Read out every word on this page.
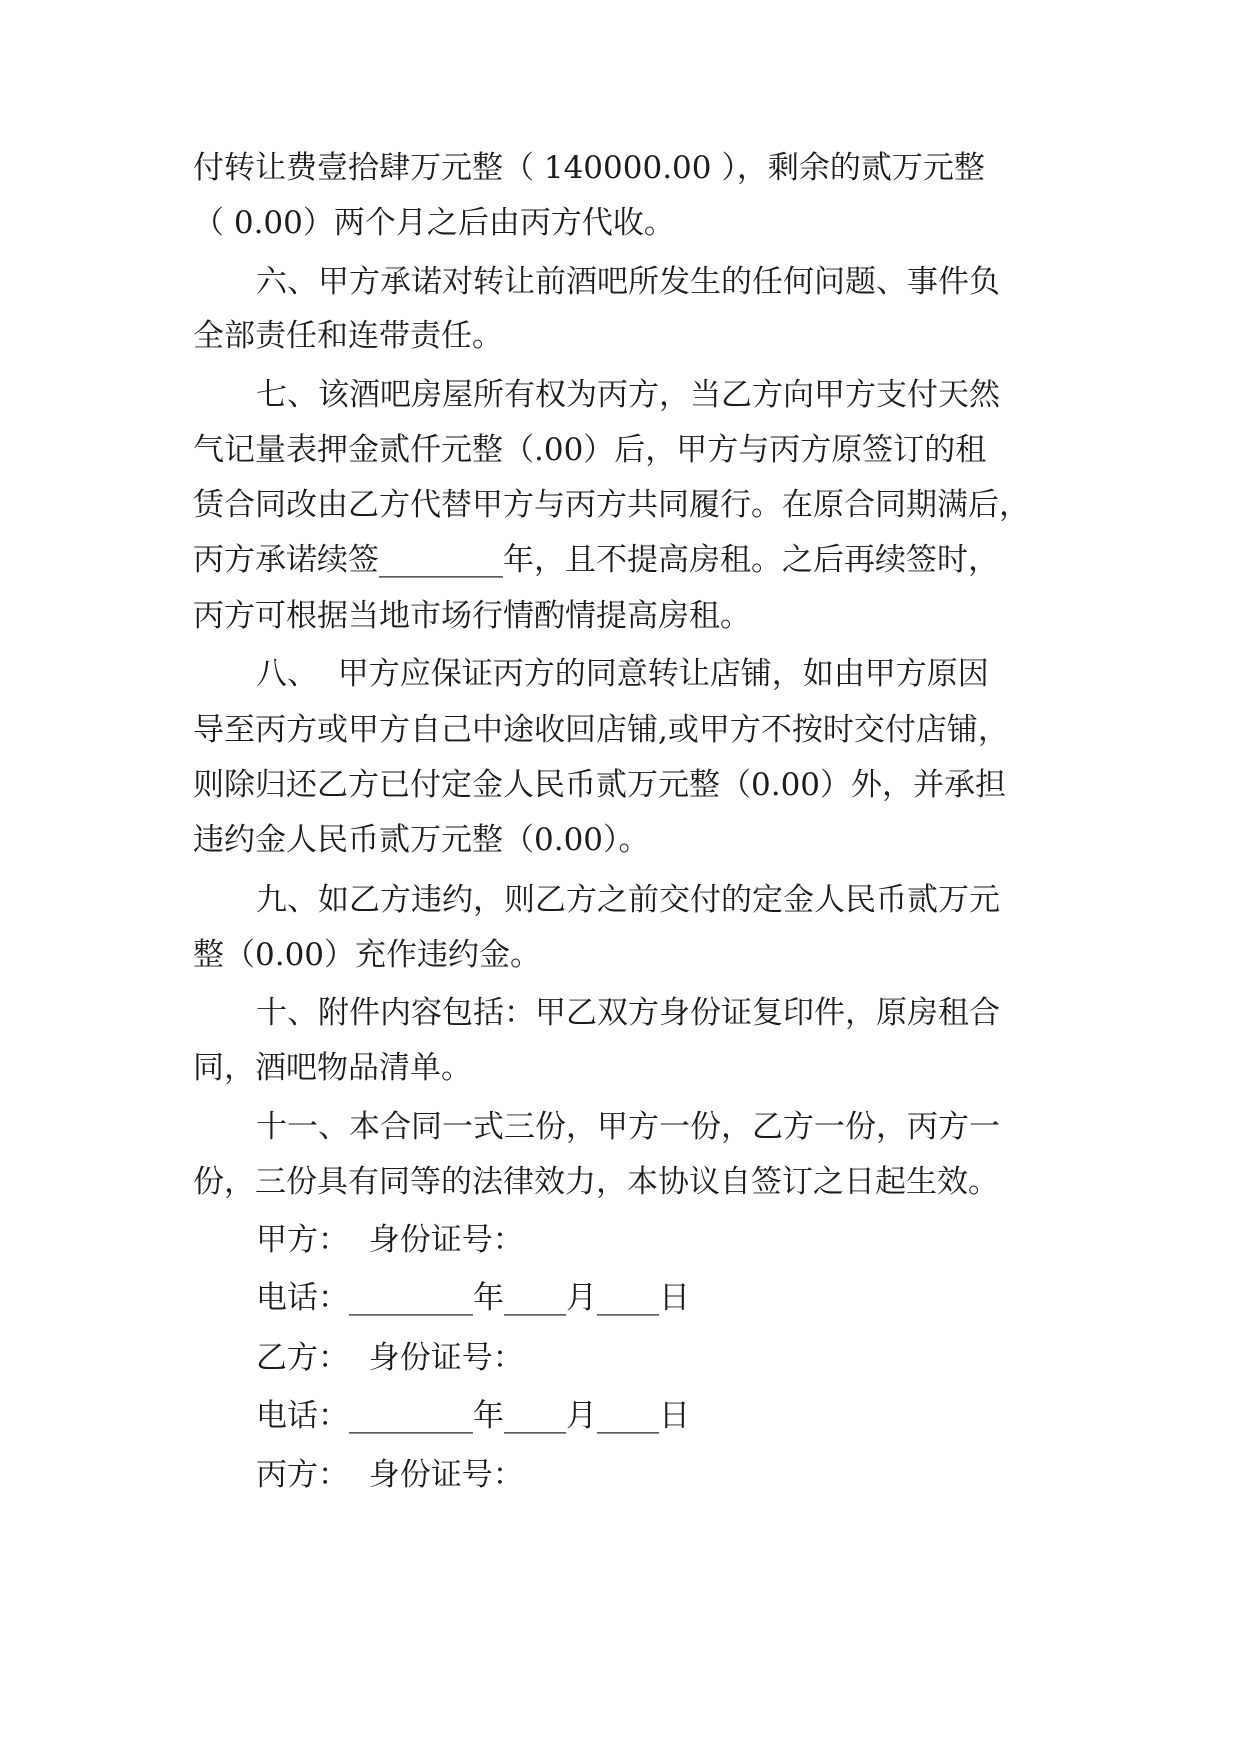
付转让费壹拾肆万元整（ 140000.00 ），剩余的贰万元整
（ 0.00）两个月之后由丙方代收。
六、甲方承诺对转让前酒吧所发生的任何问题、事件负
全部责任和连带责任。
七、该酒吧房屋所有权为丙方，当乙方向甲方支付天然
气记量表押金贰仟元整（.00）后，甲方与丙方原签订的租
赁合同改由乙方代替甲方与丙方共同履行。在原合同期满后，
丙方承诺续签________年，且不提高房租。之后再续签时，
丙方可根据当地市场行情酌情提高房租。
八、  甲方应保证丙方的同意转让店铺，如由甲方原因
导至丙方或甲方自己中途收回店铺,或甲方不按时交付店铺，
则除归还乙方已付定金人民币贰万元整（0.00）外，并承担
违约金人民币贰万元整（0.00）。
九、如乙方违约，则乙方之前交付的定金人民币贰万元
整（0.00）充作违约金。
十、附件内容包括：甲乙双方身份证复印件，原房租合
同，酒吧物品清单。
十一、本合同一式三份，甲方一份，乙方一份，丙方一
份，三份具有同等的法律效力，本协议自签订之日起生效。
甲方：  身份证号：
电话：________年____月____日
乙方：  身份证号：
电话：________年____月____日
丙方：  身份证号：
